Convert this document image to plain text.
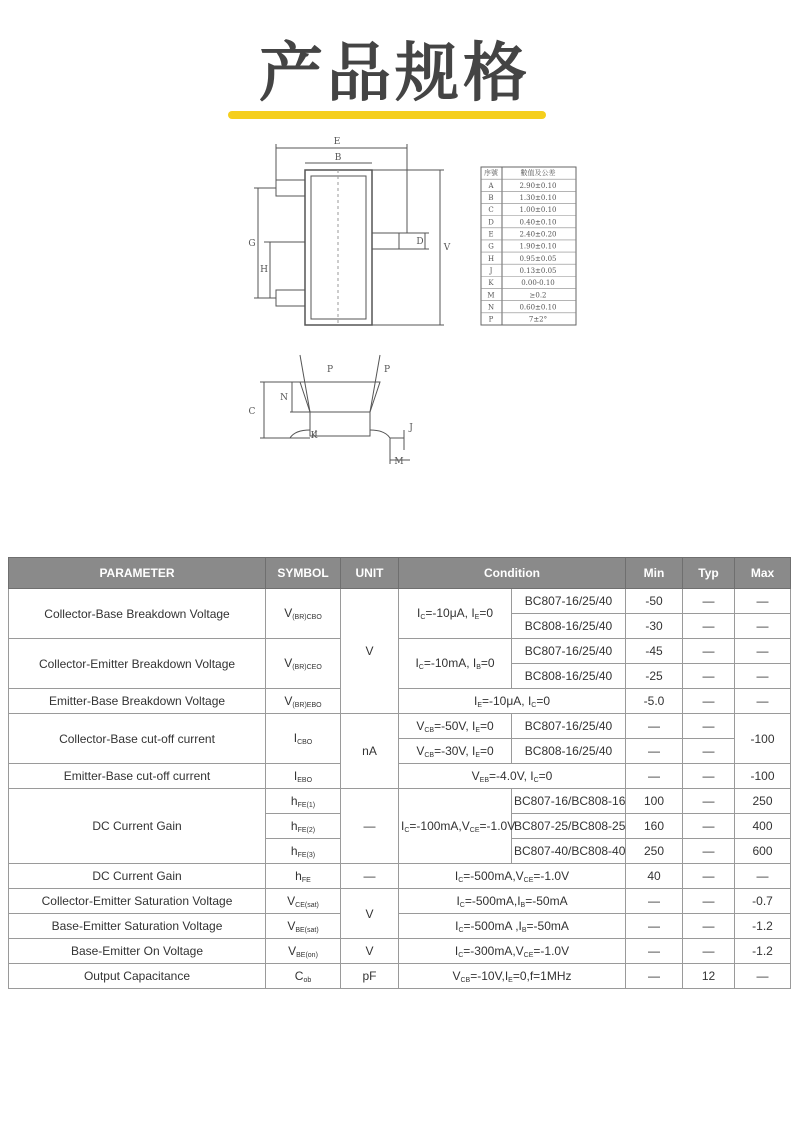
产品规格
E
B
G
H
V
D
P	P
C
N
K
J
M
A	2.90±0.10
B	1.30±0.10
C	1.00±0.10
D	0.40±0.10
E	2.40±0.20
G	1.90±0.10
H	0.95±0.05
J	0.13±0.05
K	0.00-0.10
M	≥0.2
N	0.60±0.10
P	7±2°
序號	數值及公差
PARAMETER	SYMBOL	UNIT	Condition		Min	Typ	Max
Collector-Base Breakdown Voltage	$V_{(BR)CBO}$	V	$I_C=-10\mu A$, $I_E=0$	BC807-16/25/40	-50	—	—
				BC808-16/25/40	-30	—	—
Collector-Emitter Breakdown Voltage	$V_{(BR)CEO}$		$I_C=-10mA$, $I_B=0$	BC807-16/25/40	-45	—	—
				BC808-16/25/40	-25	—	—
Emitter-Base Breakdown Voltage	$V_{(BR)EBO}$		$I_E=-10\mu A$, $I_C=0$		-5.0	—	—
Collector-Base cut-off current	$I_{CBO}$	nA	$V_{CB}=-50V$, $I_E=0$	BC807-16/25/40	—	—	-100
			$V_{CB}=-30V$, $I_E=0$	BC808-16/25/40	—	—	
Emitter-Base cut-off current	$I_{EBO}$		$V_{EB}=-4.0V$, $I_C=0$		—	—	-100
DC Current Gain	$h_{FE(1)}$	—	$I_C=-100mA,V_{CE}=-1.0V$	BC807-16/BC808-16	100	—	250
	$h_{FE(2)}$			BC807-25/BC808-25	160	—	400
	$h_{FE(3)}$			BC807-40/BC808-40	250	—	600
DC Current Gain	$h_{FE}$	—	$I_C=-500mA,V_{CE}=-1.0V$		40	—	—
Collector-Emitter Saturation Voltage	$V_{CE(sat)}$	V	$I_C=-500mA,I_B=-50mA$		—	—	-0.7
Base-Emitter Saturation Voltage	$V_{BE(sat)}$		$I_C=-500mA$ $,I_B=-50mA$		—	—	-1.2
Base-Emitter On Voltage	$V_{BE(on)}$	V	$I_C=-300mA,V_{CE}=-1.0V$		—	—	-1.2
Output Capacitance	$C_{ob}$	pF	$V_{CB}=-10V,I_E=0,f=1MHz$		—	12	—
